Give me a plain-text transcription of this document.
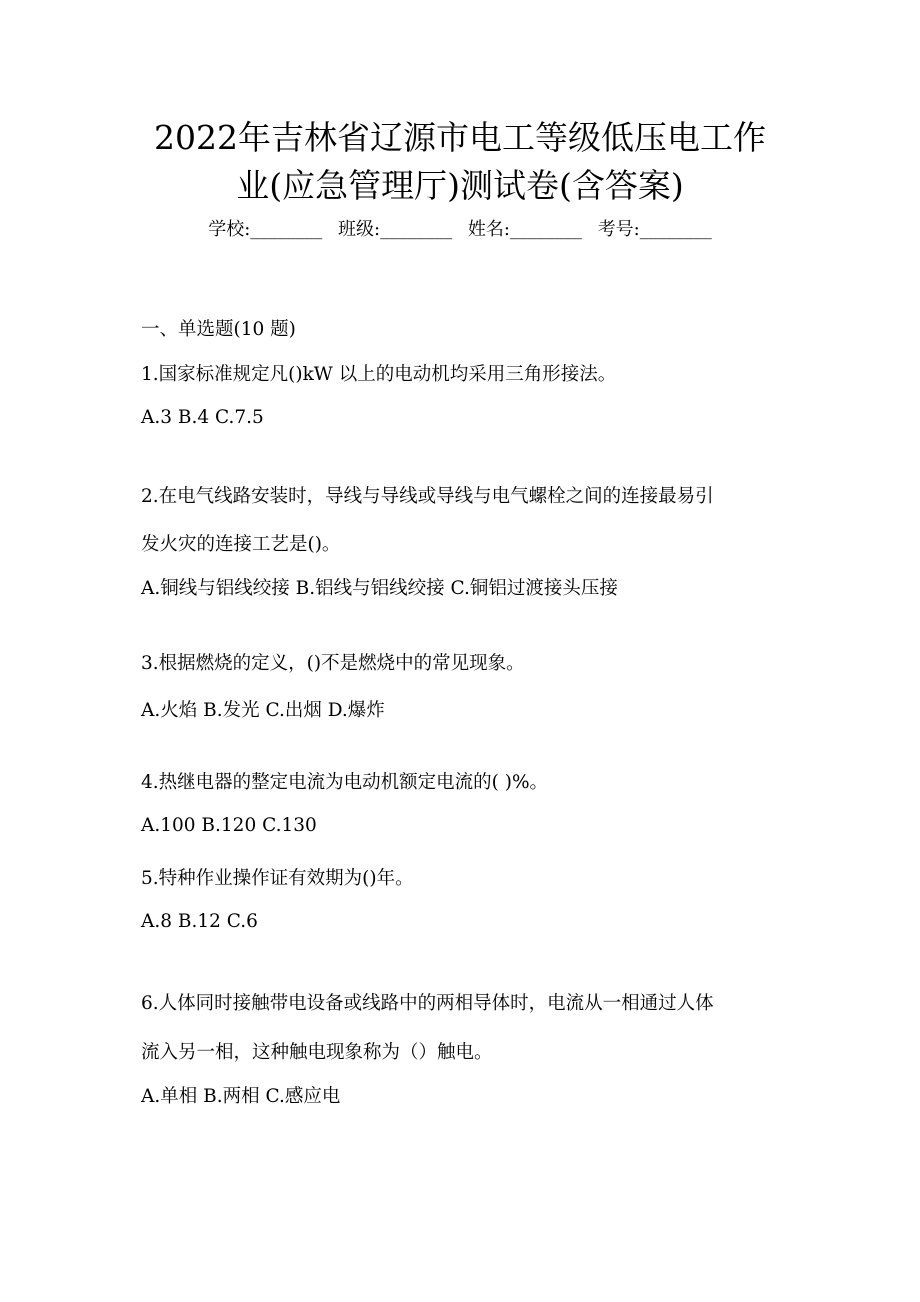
2022年吉林省辽源市电工等级低压电工作
业(应急管理厅)测试卷(含答案)
学校:________ 班级:________ 姓名:________ 考号:________
一、单选题(10 题)
1.国家标准规定凡()kW 以上的电动机均采用三角形接法。
A.3 B.4 C.7.5
2.在电气线路安装时，导线与导线或导线与电气螺栓之间的连接最易引
发火灾的连接工艺是()。
A.铜线与铝线绞接 B.铝线与铝线绞接 C.铜铝过渡接头压接
3.根据燃烧的定义，()不是燃烧中的常见现象。
A.火焰 B.发光 C.出烟 D.爆炸
4.热继电器的整定电流为电动机额定电流的( )%。
A.100 B.120 C.130
5.特种作业操作证有效期为()年。
A.8 B.12 C.6
6.人体同时接触带电设备或线路中的两相导体时，电流从一相通过人体
流入另一相，这种触电现象称为（）触电。
A.单相 B.两相 C.感应电
